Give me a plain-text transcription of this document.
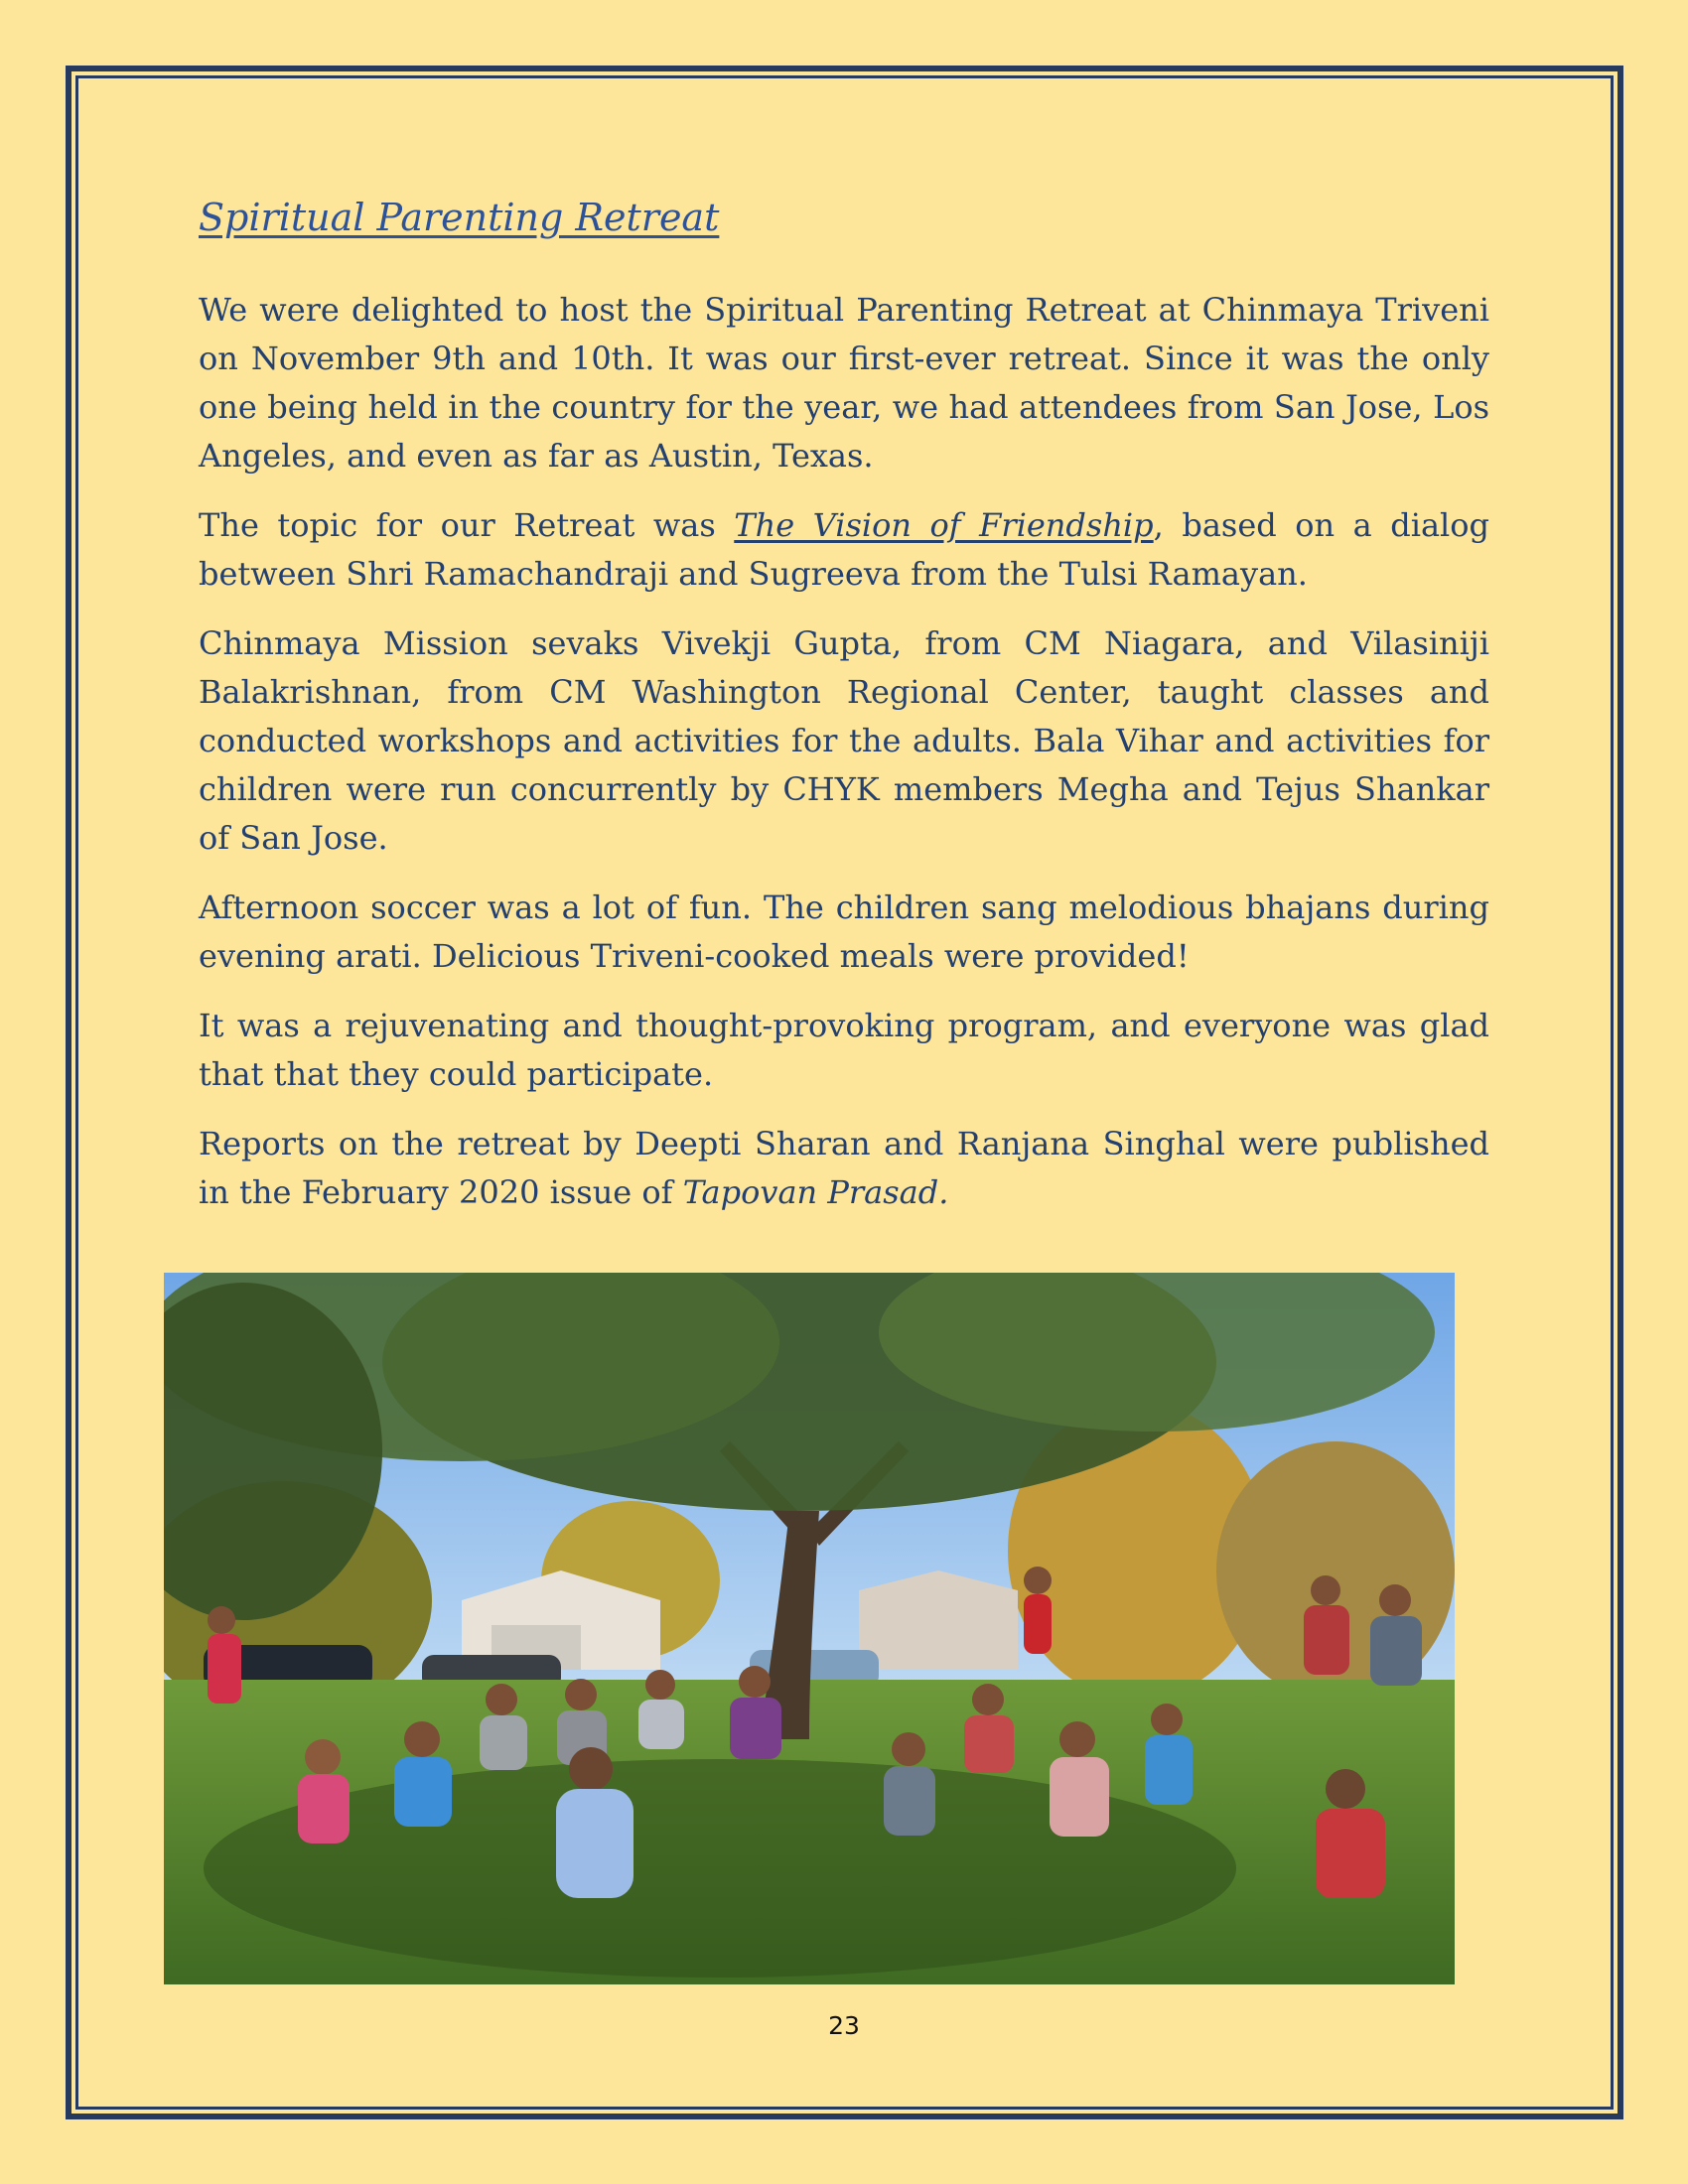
Spiritual Parenting Retreat

We were delighted to host the Spiritual Parenting Retreat at Chinmaya Triveni on November 9th and 10th. It was our first-ever retreat. Since it was the only one being held in the country for the year, we had attendees from San Jose, Los Angeles, and even as far as Austin, Texas.

The topic for our Retreat was The Vision of Friendship, based on a dialog between Shri Ramachandraji and Sugreeva from the Tulsi Ramayan.

Chinmaya Mission sevaks Vivekji Gupta, from CM Niagara, and Vilasiniji Balakrishnan, from CM Washington Regional Center, taught classes and conducted workshops and activities for the adults. Bala Vihar and activities for children were run concurrently by CHYK members Megha and Tejus Shankar of San Jose.

Afternoon soccer was a lot of fun. The children sang melodious bhajans during evening arati. Delicious Triveni-cooked meals were provided!

It was a rejuvenating and thought-provoking program, and everyone was glad that that they could participate.

Reports on the retreat by Deepti Sharan and Ranjana Singhal were published in the February 2020 issue of Tapovan Prasad.

23
